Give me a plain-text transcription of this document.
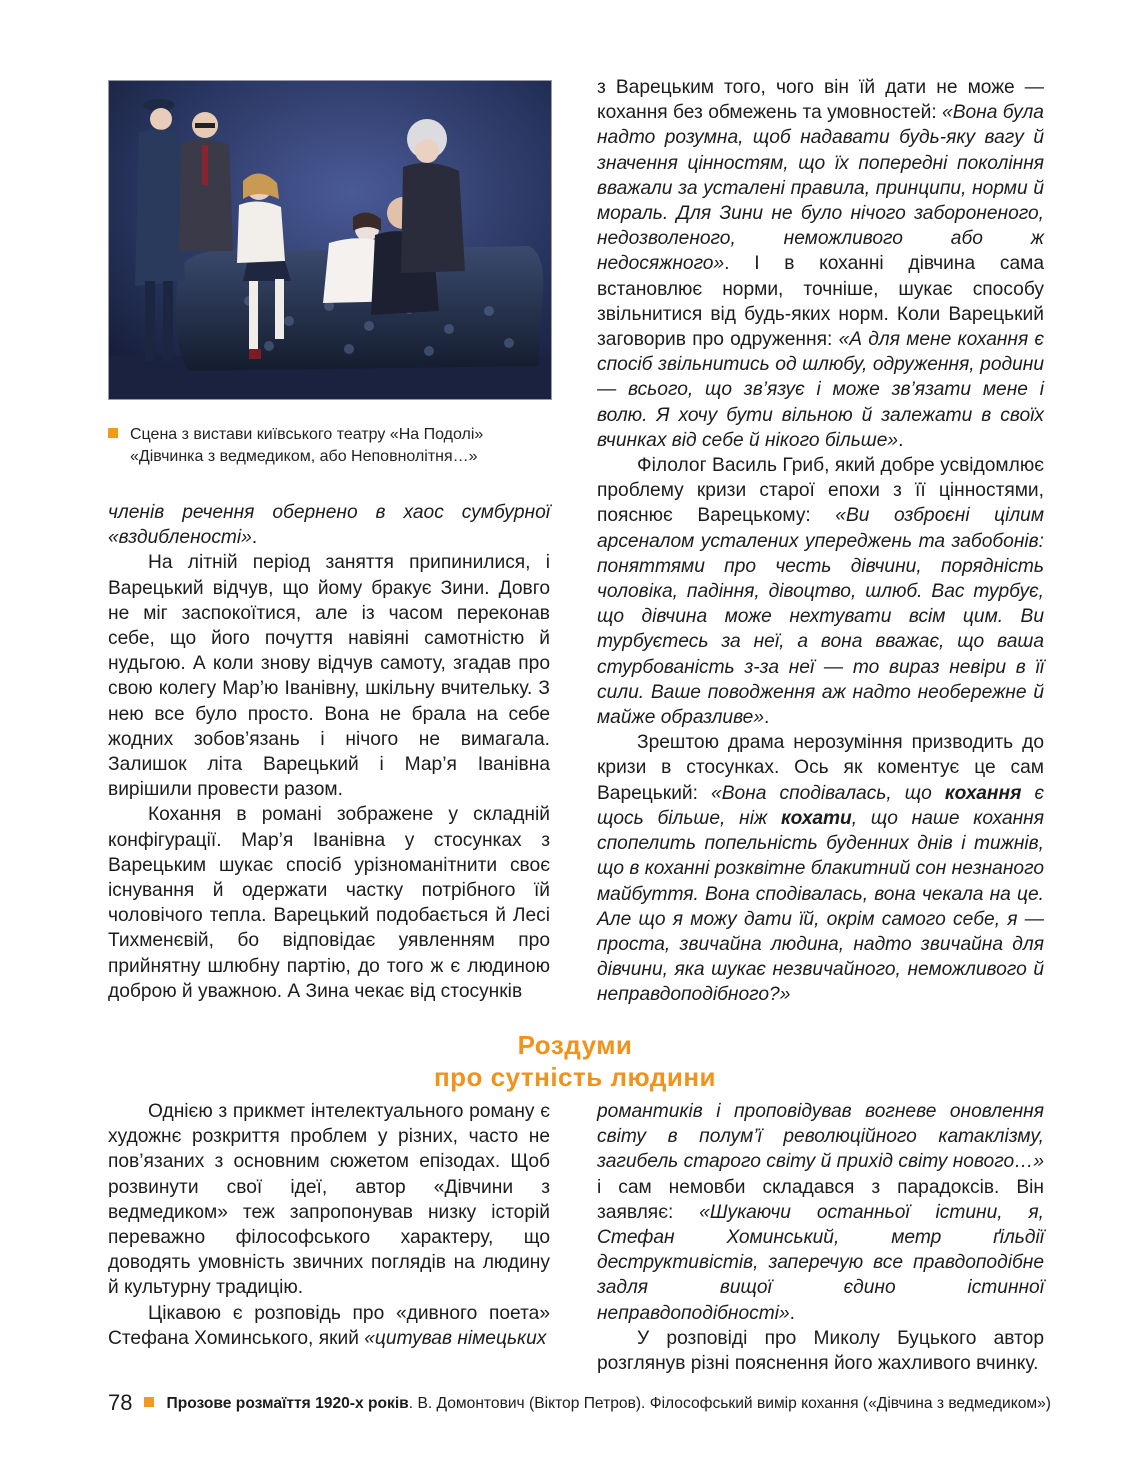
Сцена з вистави київського театру «На Подолі»
«Дівчинка з ведмедиком, або Неповнолітня…»

членів речення обернено в хаос сумбурної «вздибленості».

На літній період заняття припинилися, і Варецький відчув, що йому бракує Зини. Довго не міг заспокоїтися, але із часом переконав себе, що його почуття навіяні самотністю й нудьгою. А коли знову відчув самоту, згадав про свою колегу Мар’ю Іванівну, шкільну вчительку. З нею все було просто. Вона не брала на себе жодних зобов’язань і нічого не вимагала. Залишок літа Варецький і Мар’я Іванівна вирішили провести разом.

Кохання в романі зображене у складній конфігурації. Мар’я Іванівна у стосунках з Варецьким шукає спосіб урізноманітнити своє існування й одержати частку потрібного їй чоловічого тепла. Варецький подобається й Лесі Тихменєвій, бо відповідає уявленням про прийнятну шлюбну партію, до того ж є людиною доброю й уважною. А Зина чекає від стосунків

з Варецьким того, чого він їй дати не може — кохання без обмежень та умовностей: «Вона була надто розумна, щоб надавати будь-яку вагу й значення цінностям, що їх попередні покоління вважали за усталені правила, принципи, норми й мораль. Для Зини не було нічого забороненого, недозволеного, неможливого або ж недосяжного». І в коханні дівчина сама встановлює норми, точніше, шукає способу звільнитися від будь-яких норм. Коли Варецький заговорив про одруження: «А для мене кохання є спосіб звільнитись од шлюбу, одруження, родини — всього, що зв’язує і може зв’язати мене і волю. Я хочу бути вільною й залежати в своїх вчинках від себе й нікого більше».

Філолог Василь Гриб, який добре усвідомлює проблему кризи старої епохи з її цінностями, пояснює Варецькому: «Ви озброєні цілим арсеналом усталених упереджень та забобонів: поняттями про честь дівчини, порядність чоловіка, падіння, дівоцтво, шлюб. Вас турбує, що дівчина може нехтувати всім цим. Ви турбуєтесь за неї, а вона вважає, що ваша стурбованість з-за неї — то вираз невіри в її сили. Ваше поводження аж надто необережне й майже образливе».

Зрештою драма нерозуміння призводить до кризи в стосунках. Ось як коментує це сам Варецький: «Вона сподівалась, що кохання є щось більше, ніж кохати, що наше кохання спопелить попельність буденних днів і тижнів, що в коханні розквітне блакитний сон незнаного майбуття. Вона сподівалась, вона чекала на це. Але що я можу дати їй, окрім самого себе, я — проста, звичайна людина, надто звичайна для дівчини, яка шукає незвичайного, неможливого й неправдоподібного?»

Роздуми
про сутність людини

Однією з прикмет інтелектуального роману є художнє розкриття проблем у різних, часто не пов’язаних з основним сюжетом епізодах. Щоб розвинути свої ідеї, автор «Дівчини з ведмедиком» теж запропонував низку історій переважно філософського характеру, що доводять умовність звичних поглядів на людину й культурну традицію.

Цікавою є розповідь про «дивного поета» Стефана Хоминського, який «цитував німецьких

романтиків і проповідував вогневе оновлення світу в полум’ї революційного катаклізму, загибель старого світу й прихід світу нового…» і сам немовби складався з парадоксів. Він заявляє: «Шукаючи останньої істини, я, Стефан Хоминський, метр ґільдії деструктивістів, заперечую все правдоподібне задля вищої єдино істинної неправдоподібності».

У розповіді про Миколу Буцького автор розглянув різні пояснення його жахливого вчинку.

78 Прозове розмаїття 1920-х років. В. Домонтович (Віктор Петров). Філософський вимір кохання («Дівчина з ведмедиком»)
